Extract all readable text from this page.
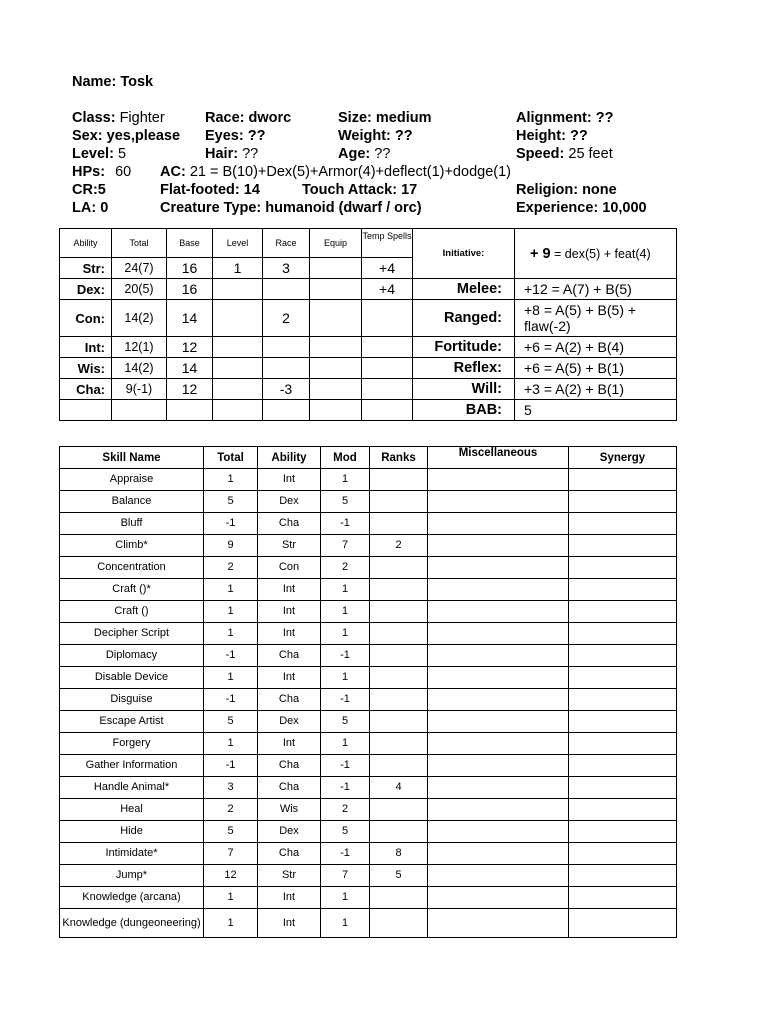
Name: Tosk
Class: Fighter	Race: dworc	Size: medium	Alignment: ??
Sex: yes,please Eyes: ??	Weight: ??	Height: ??
Level: 5	Hair: ??	Age: ??	Speed: 25 feet
HPs: 60 AC: 21 = B(10)+Dex(5)+Armor(4)+deflect(1)+dodge(1)
CR:5	Flat-footed: 14	Touch Attack: 17	Religion: none
LA: 0	Creature Type: humanoid (dwarf / orc)	Experience: 10,000
Ability	Total	Base	Level	Race	Equip	Temp Spells	Initiative:	+ 9 = dex(5) + feat(4)
Str:	24(7)	16	1	3		+4		
Dex:	20(5)	16				+4	Melee:	+12 = A(7) + B(5)
Con:	14(2)	14		2			Ranged:	+8 = A(5) + B(5) + flaw(-2)
Int:	12(1)	12					Fortitude:	+6 = A(2) + B(4)
Wis:	14(2)	14					Reflex:	+6 = A(5) + B(1)
Cha:	9(-1)	12		-3			Will:	+3 = A(2) + B(1)
							BAB:	5
Skill Name	Total	Ability	Mod	Ranks	Miscellaneous	Synergy
Appraise	1	Int	1			
Balance	5	Dex	5			
Bluff	-1	Cha	-1			
Climb*	9	Str	7	2		
Concentration	2	Con	2			
Craft ()*	1	Int	1			
Craft ()	1	Int	1			
Decipher Script	1	Int	1			
Diplomacy	-1	Cha	-1			
Disable Device	1	Int	1			
Disguise	-1	Cha	-1			
Escape Artist	5	Dex	5			
Forgery	1	Int	1			
Gather Information	-1	Cha	-1			
Handle Animal*	3	Cha	-1	4		
Heal	2	Wis	2			
Hide	5	Dex	5			
Intimidate*	7	Cha	-1	8		
Jump*	12	Str	7	5		
Knowledge (arcana)	1	Int	1			
Knowledge (dungeoneering)	1	Int	1			
